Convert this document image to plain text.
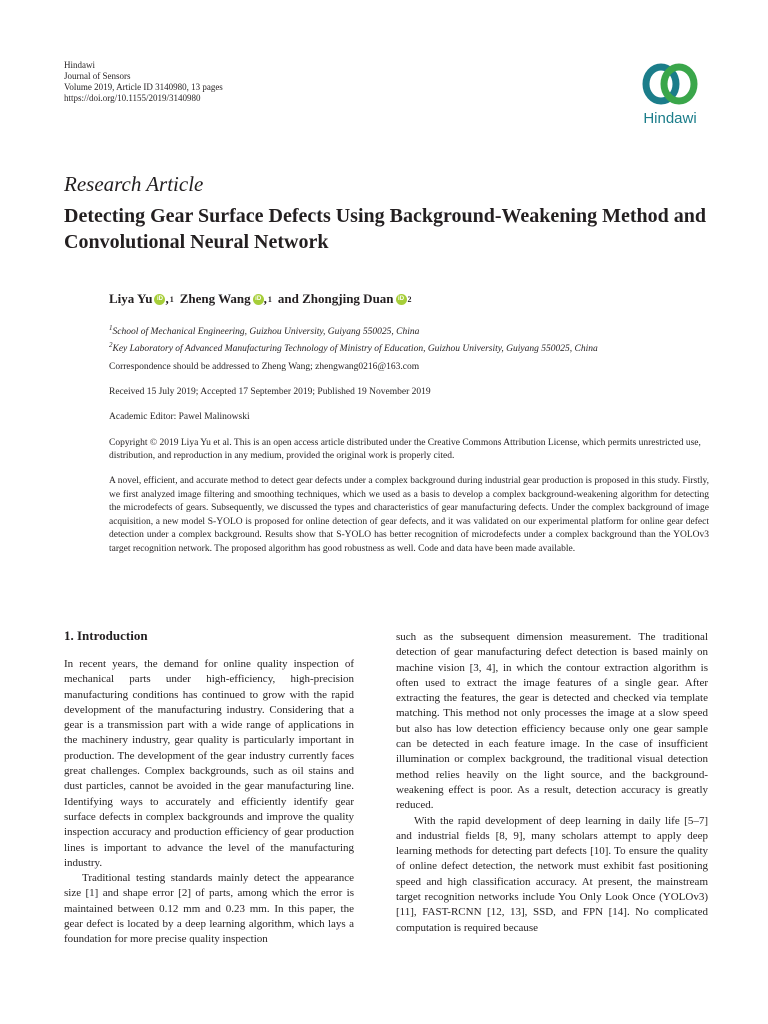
Hindawi
Journal of Sensors
Volume 2019, Article ID 3140980, 13 pages
https://doi.org/10.1155/2019/3140980
Hindawi
Research Article
Detecting Gear Surface Defects Using Background-Weakening Method and Convolutional Neural Network
Liya Yu iD , 1 Zheng Wang iD , 1 and Zhongjing Duan iD 2
$^1$School of Mechanical Engineering, Guizhou University, Guiyang 550025, China
$^2$Key Laboratory of Advanced Manufacturing Technology of Ministry of Education, Guizhou University, Guiyang 550025, China
Correspondence should be addressed to Zheng Wang; zhengwang0216@163.com
Received 15 July 2019; Accepted 17 September 2019; Published 19 November 2019
Academic Editor: Pawel Malinowski
Copyright © 2019 Liya Yu et al. This is an open access article distributed under the Creative Commons Attribution License, which permits unrestricted use, distribution, and reproduction in any medium, provided the original work is properly cited.
A novel, efficient, and accurate method to detect gear defects under a complex background during industrial gear production is proposed in this study. Firstly, we first analyzed image filtering and smoothing techniques, which we used as a basis to develop a complex background-weakening algorithm for detecting the microdefects of gears. Subsequently, we discussed the types and characteristics of gear manufacturing defects. Under the complex background of image acquisition, a new model S-YOLO is proposed for online detection of gear defects, and it was validated on our experimental platform for online gear defect detection under a complex background. Results show that S-YOLO has better recognition of microdefects under a complex background than the YOLOv3 target recognition network. The proposed algorithm has good robustness as well. Code and data have been made available.
1. Introduction

In recent years, the demand for online quality inspection of mechanical parts under high-efficiency, high-precision manufacturing conditions has continued to grow with the rapid development of the manufacturing industry. Considering that a gear is a transmission part with a wide range of applications in the machinery industry, gear quality is particularly important in production. The development of the gear industry currently faces great challenges. Complex backgrounds, such as oil stains and dust particles, cannot be avoided in the gear manufacturing line. Identifying ways to accurately and efficiently identify gear surface defects in complex backgrounds and improve the quality inspection accuracy and production efficiency of gear production lines is important to advance the level of the manufacturing industry.

Traditional testing standards mainly detect the appearance size [1] and shape error [2] of parts, among which the error is maintained between 0.12 mm and 0.23 mm. In this paper, the gear defect is located by a deep learning algorithm, which lays a foundation for more precise quality inspection

such as the subsequent dimension measurement. The traditional detection of gear manufacturing defect detection is based mainly on machine vision [3, 4], in which the contour extraction algorithm is often used to extract the image features of a single gear. After extracting the features, the gear is detected and checked via template matching. This method not only processes the image at a slow speed but also has low detection efficiency because only one gear sample can be detected in each feature image. In the case of insufficient illumination or complex background, the traditional visual detection method relies heavily on the light source, and the background-weakening effect is poor. As a result, detection accuracy is greatly reduced.

With the rapid development of deep learning in daily life [5–7] and industrial fields [8, 9], many scholars attempt to apply deep learning methods for detecting part defects [10]. To ensure the quality of online defect detection, the network must exhibit fast positioning speed and high classification accuracy. At present, the mainstream target recognition networks include You Only Look Once (YOLOv3) [11], FAST-RCNN [12, 13], SSD, and FPN [14]. No complicated computation is required because
